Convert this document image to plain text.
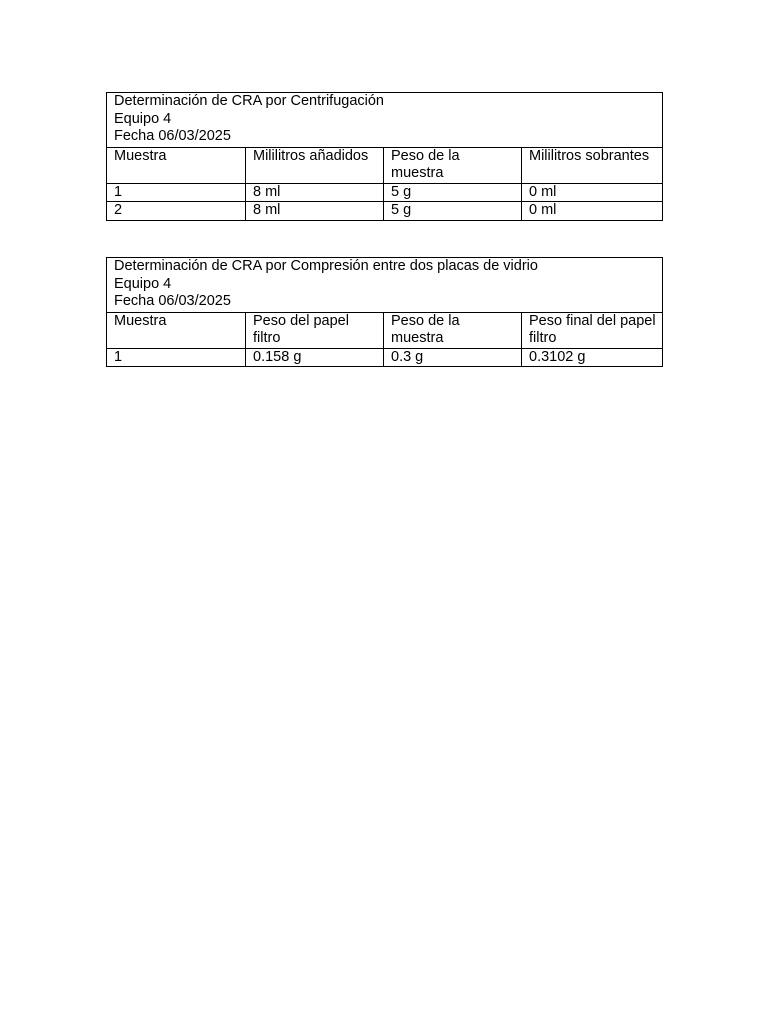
Determinación de CRA por Centrifugación
Equipo 4
Fecha 06/03/2025			

Muestra	Mililitros añadidos	Peso de la muestra	Mililitros sobrantes
1	8 ml	5 g	0 ml
2	8 ml	5 g	0 ml
Determinación de CRA por Compresión entre dos placas de vidrio
Equipo 4
Fecha 06/03/2025			

Muestra	Peso del papel filtro	Peso de la muestra	Peso final del papel filtro
1	0.158 g	0.3 g	0.3102 g
